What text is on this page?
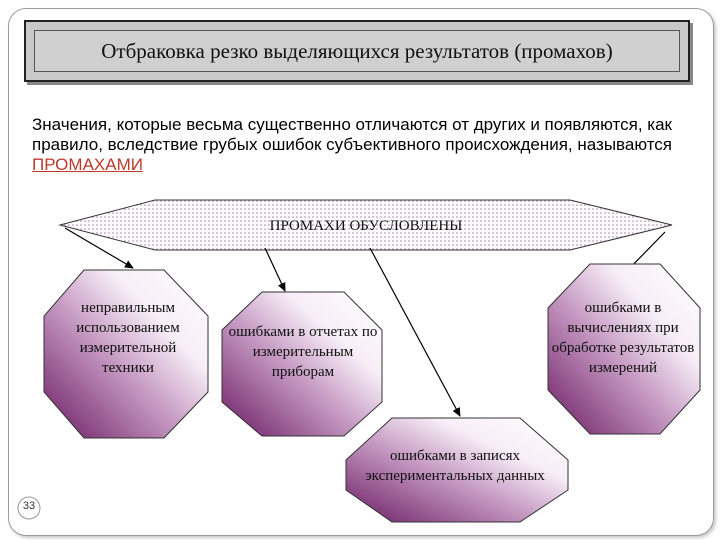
Отбраковка резко выделяющихся результатов (промахов)
Значения, которые весьма существенно отличаются от других и появляются, как правило, вследствие грубых ошибок субъективного происхождения, называются ПРОМАХАМИ
ПРОМАХИ ОБУСЛОВЛЕНЫ
неправильным использованием измерительной техники
ошибками в отчетах по измерительным приборам
ошибками в записях экспериментальных данных
ошибками в вычислениях при обработке результатов измерений
33
